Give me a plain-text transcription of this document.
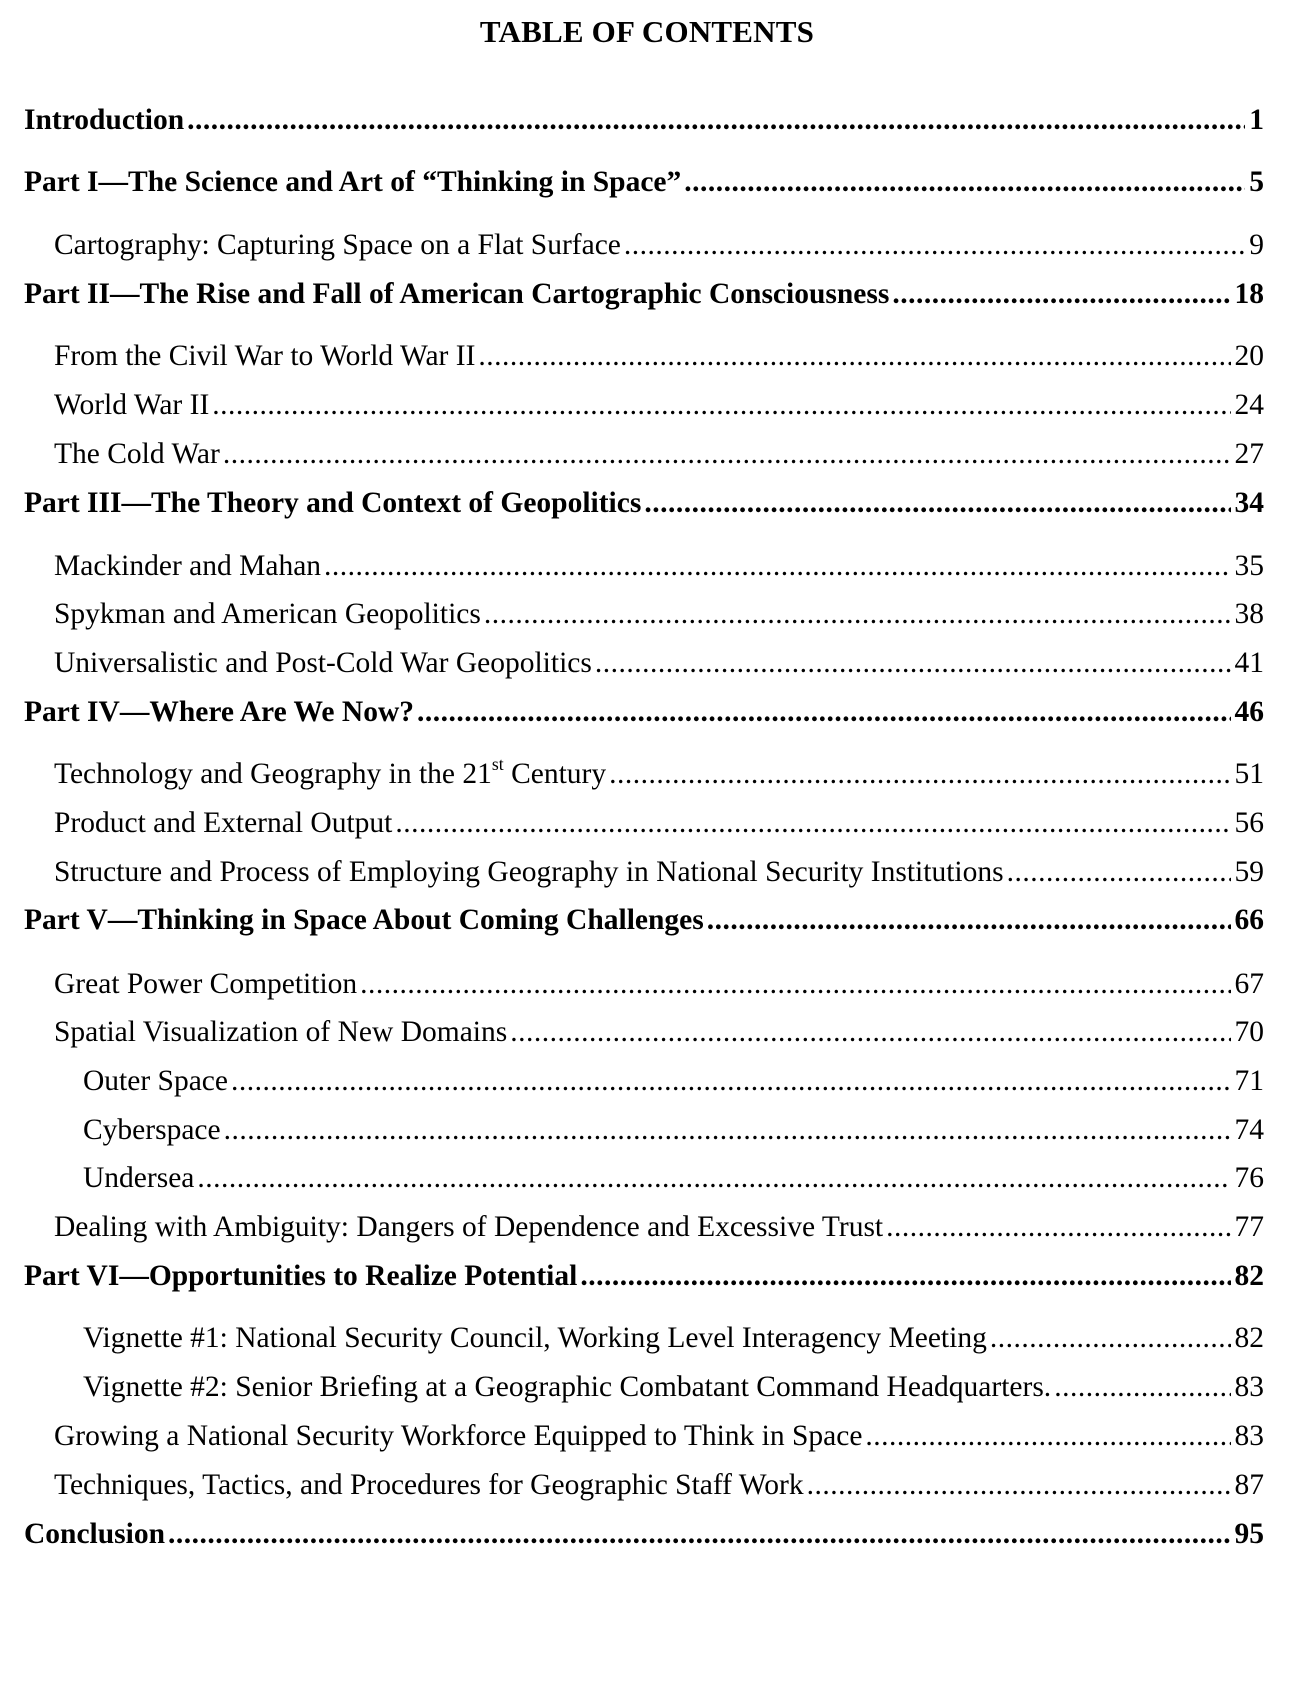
TABLE OF CONTENTS
Introduction .....	1
Part I—The Science and Art of “Thinking in Space” .....	5
Cartography: Capturing Space on a Flat Surface .....	9
Part II—The Rise and Fall of American Cartographic Consciousness .....	18
From the Civil War to World War II .....	20
World War II .....	24
The Cold War .....	27
Part III—The Theory and Context of Geopolitics .....	34
Mackinder and Mahan .....	35
Spykman and American Geopolitics .....	38
Universalistic and Post-Cold War Geopolitics .....	41
Part IV—Where Are We Now? .....	46
Technology and Geography in the 21st Century .....	51
Product and External Output .....	56
Structure and Process of Employing Geography in National Security Institutions .....	59
Part V—Thinking in Space About Coming Challenges .....	66
Great Power Competition .....	67
Spatial Visualization of New Domains .....	70
Outer Space .....	71
Cyberspace .....	74
Undersea .....	76
Dealing with Ambiguity: Dangers of Dependence and Excessive Trust .....	77
Part VI—Opportunities to Realize Potential .....	82
Vignette #1: National Security Council, Working Level Interagency Meeting .....	82
Vignette #2: Senior Briefing at a Geographic Combatant Command Headquarters. .....	83
Growing a National Security Workforce Equipped to Think in Space .....	83
Techniques, Tactics, and Procedures for Geographic Staff Work .....	87
Conclusion .....	95
